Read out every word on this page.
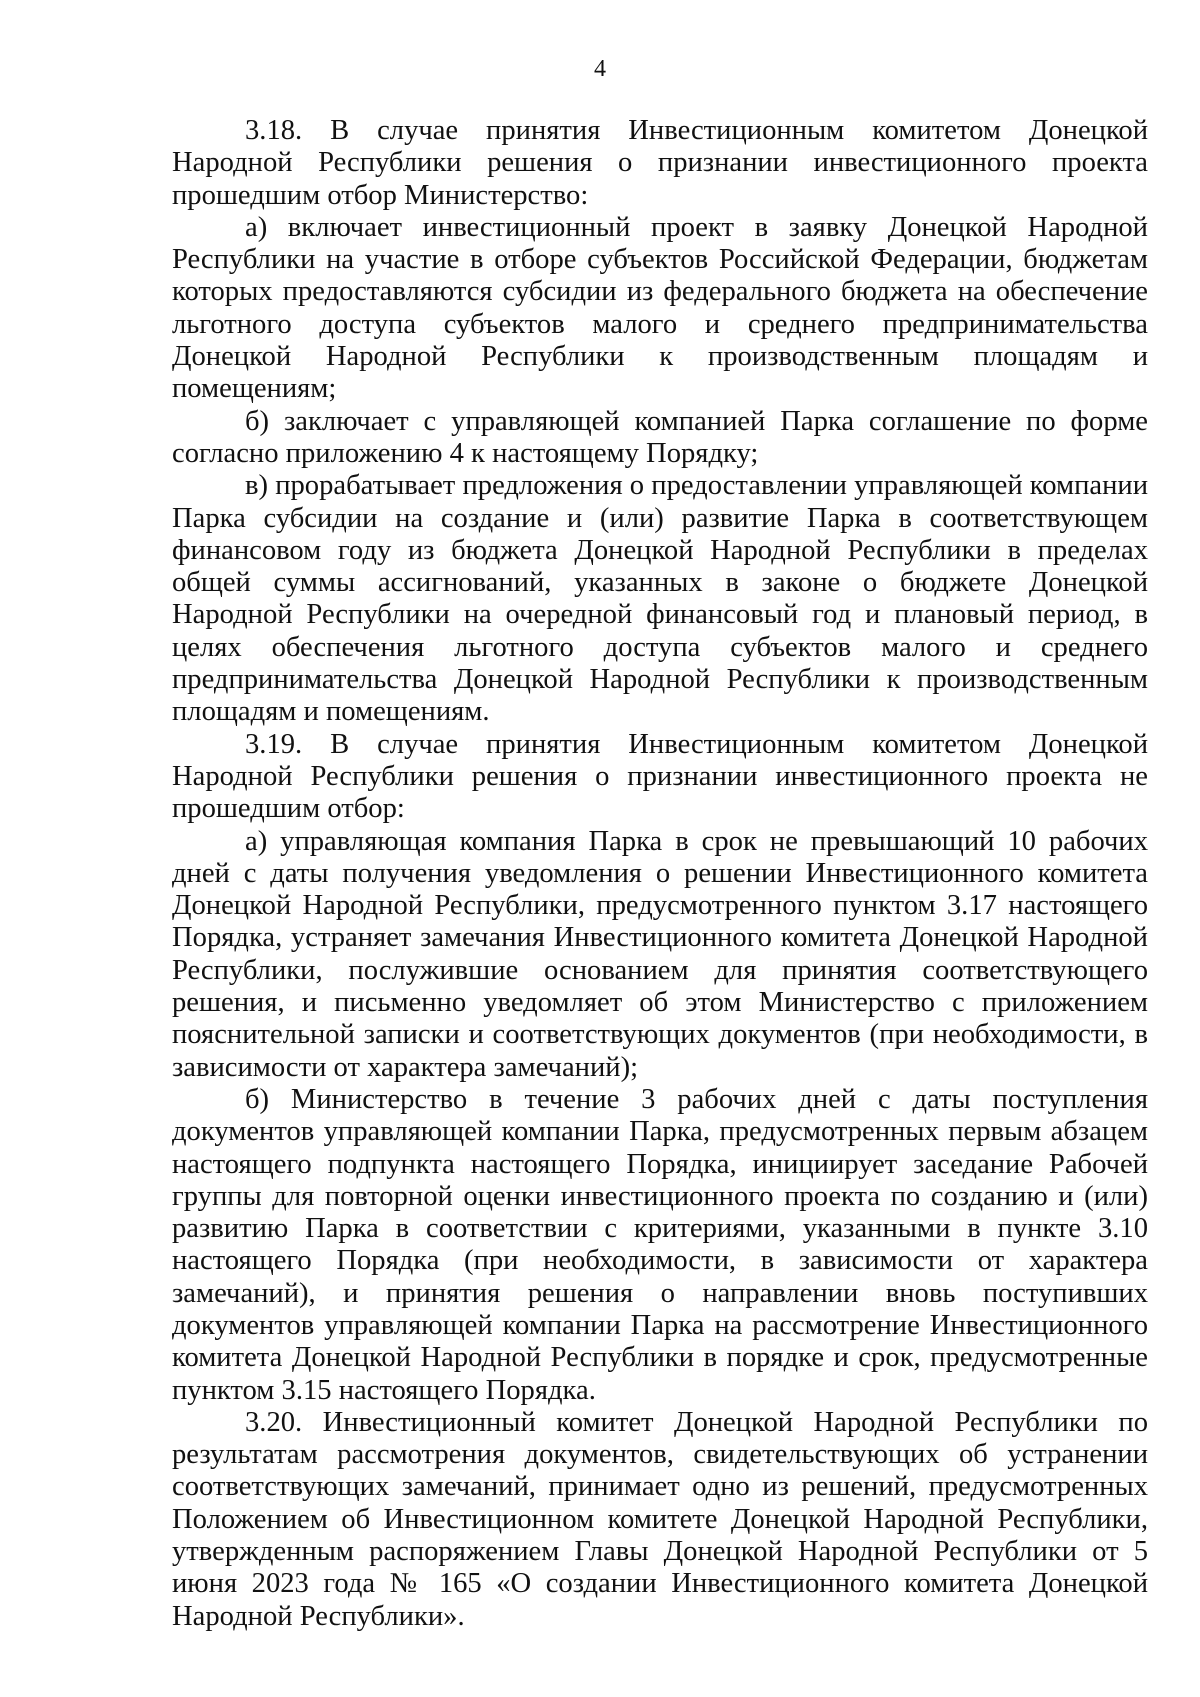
4

3.18. В случае принятия Инвестиционным комитетом Донецкой Народной Республики решения о признании инвестиционного проекта прошедшим отбор Министерство:

а) включает инвестиционный проект в заявку Донецкой Народной Республики на участие в отборе субъектов Российской Федерации, бюджетам которых предоставляются субсидии из федерального бюджета на обеспечение льготного доступа субъектов малого и среднего предпринимательства Донецкой Народной Республики к производственным площадям и помещениям;

б) заключает с управляющей компанией Парка соглашение по форме согласно приложению 4 к настоящему Порядку;

в) прорабатывает предложения о предоставлении управляющей компании Парка субсидии на создание и (или) развитие Парка в соответствующем финансовом году из бюджета Донецкой Народной Республики в пределах общей суммы ассигнований, указанных в законе о бюджете Донецкой Народной Республики на очередной финансовый год и плановый период, в целях обеспечения льготного доступа субъектов малого и среднего предпринимательства Донецкой Народной Республики к производственным площадям и помещениям.

3.19. В случае принятия Инвестиционным комитетом Донецкой Народной Республики решения о признании инвестиционного проекта не прошедшим отбор:

а) управляющая компания Парка в срок не превышающий 10 рабочих дней с даты получения уведомления о решении Инвестиционного комитета Донецкой Народной Республики, предусмотренного пунктом 3.17 настоящего Порядка, устраняет замечания Инвестиционного комитета Донецкой Народной Республики, послужившие основанием для принятия соответствующего решения, и письменно уведомляет об этом Министерство с приложением пояснительной записки и соответствующих документов (при необходимости, в зависимости от характера замечаний);

б) Министерство в течение 3 рабочих дней с даты поступления документов управляющей компании Парка, предусмотренных первым абзацем настоящего подпункта настоящего Порядка, инициирует заседание Рабочей группы для повторной оценки инвестиционного проекта по созданию и (или) развитию Парка в соответствии с критериями, указанными в пункте 3.10 настоящего Порядка (при необходимости, в зависимости от характера замечаний), и принятия решения о направлении вновь поступивших документов управляющей компании Парка на рассмотрение Инвестиционного комитета Донецкой Народной Республики в порядке и срок, предусмотренные пунктом 3.15 настоящего Порядка.

3.20. Инвестиционный комитет Донецкой Народной Республики по результатам рассмотрения документов, свидетельствующих об устранении соответствующих замечаний, принимает одно из решений, предусмотренных Положением об Инвестиционном комитете Донецкой Народной Республики, утвержденным распоряжением Главы Донецкой Народной Республики от 5 июня 2023 года № 165 «О создании Инвестиционного комитета Донецкой Народной Республики».
